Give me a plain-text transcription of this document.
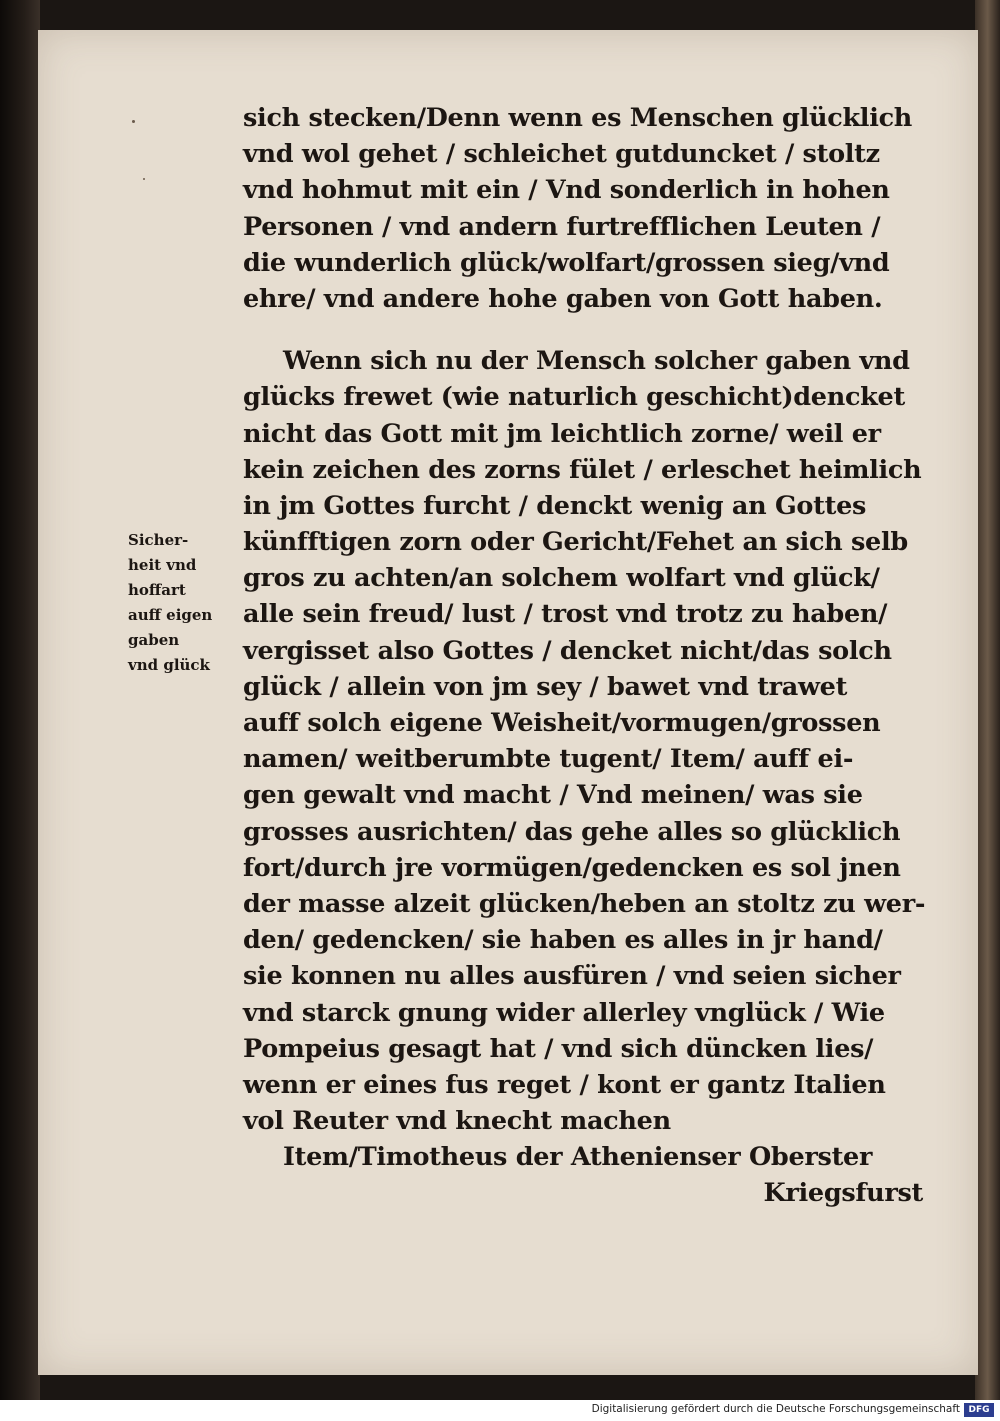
sich stecken/Denn wenn es Menschen glücklich
vnd wol gehet / schleichet gutduncket / stoltz
vnd hohmut mit ein / Vnd sonderlich in hohen
Personen / vnd andern furtrefflichen Leuten /
die wunderlich glück/wolfart/grossen sieg/vnd
ehre/ vnd andere hohe gaben von Gott haben.
Wenn sich nu der Mensch solcher gaben vnd
glücks frewet (wie naturlich geschicht)dencket
nicht das Gott mit jm leichtlich zorne/ weil er
kein zeichen des zorns fület / erleschet heimlich
in jm Gottes furcht / denckt wenig an Gottes
künfftigen zorn oder Gericht/Fehet an sich selb
gros zu achten/an solchem wolfart vnd glück/
alle sein freud/ lust / trost vnd trotz zu haben/
vergisset also Gottes / dencket nicht/das solch
glück / allein von jm sey / bawet vnd trawet
auff solch eigene Weisheit/vormugen/grossen
namen/ weitberumbte tugent/ Item/ auff ei-
gen gewalt vnd macht / Vnd meinen/ was sie
grosses ausrichten/ das gehe alles so glücklich
fort/durch jre vormügen/gedencken es sol jnen
der masse alzeit glücken/heben an stoltz zu wer-
den/ gedencken/ sie haben es alles in jr hand/
sie konnen nu alles ausfüren / vnd seien sicher
vnd starck gnung wider allerley vnglück / Wie
Pompeius gesagt hat / vnd sich düncken lies/
wenn er eines fus reget / kont er gantz Italien
vol Reuter vnd knecht machen
Item/Timotheus der Athenienser Oberster
Kriegsfurst
Sicher-
heit vnd
hoffart
auff eigen
gaben
vnd glück
Digitalisierung gefördert durch die Deutsche Forschungsgemeinschaft DFG
